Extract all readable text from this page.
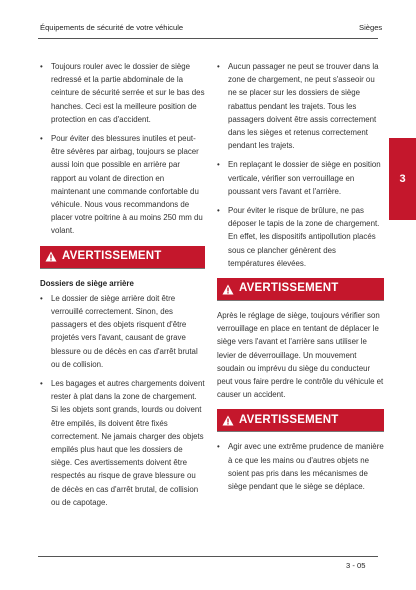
Équipements de sécurité de votre véhicule	Sièges
3
• Toujours rouler avec le dossier de siège redressé et la partie abdominale de la ceinture de sécurité serrée et sur le bas des hanches. Ceci est la meilleure position de protection en cas d'accident.
• Pour éviter des blessures inutiles et peut-être sévères par airbag, toujours se placer aussi loin que possible en arrière par rapport au volant de direction en maintenant une commande confortable du véhicule. Nous vous recommandons de placer votre poitrine à au moins 250 mm du volant.
AVERTISSEMENT
Dossiers de siège arrière
• Le dossier de siège arrière doit être verrouillé correctement. Sinon, des passagers et des objets risquent d'être projetés vers l'avant, causant de grave blessure ou de décès en cas d'arrêt brutal ou de collision.
• Les bagages et autres chargements doivent rester à plat dans la zone de chargement. Si les objets sont grands, lourds ou doivent être empilés, ils doivent être fixés correctement. Ne jamais charger des objets empilés plus haut que les dossiers de siège. Ces avertissements doivent être respectés au risque de grave blessure ou de décès en cas d'arrêt brutal, de collision ou de capotage.
• Aucun passager ne peut se trouver dans la zone de chargement, ne peut s'asseoir ou ne se placer sur les dossiers de siège rabattus pendant les trajets. Tous les passagers doivent être assis correctement dans les sièges et retenus correctement pendant les trajets.
• En replaçant le dossier de siège en position verticale, vérifier son verrouillage en poussant vers l'avant et l'arrière.
• Pour éviter le risque de brûlure, ne pas déposer le tapis de la zone de chargement. En effet, les dispositifs antipollution placés sous ce plancher génèrent des températures élevées.
AVERTISSEMENT

Après le réglage de siège, toujours vérifier son verrouillage en place en tentant de déplacer le siège vers l'avant et l'arrière sans utiliser le levier de déverrouillage. Un mouvement soudain ou imprévu du siège du conducteur peut vous faire perdre le contrôle du véhicule et causer un accident.

AVERTISSEMENT
• Agir avec une extrême prudence de manière à ce que les mains ou d'autres objets ne soient pas pris dans les mécanismes de siège pendant que le siège se déplace.
3 - 05
